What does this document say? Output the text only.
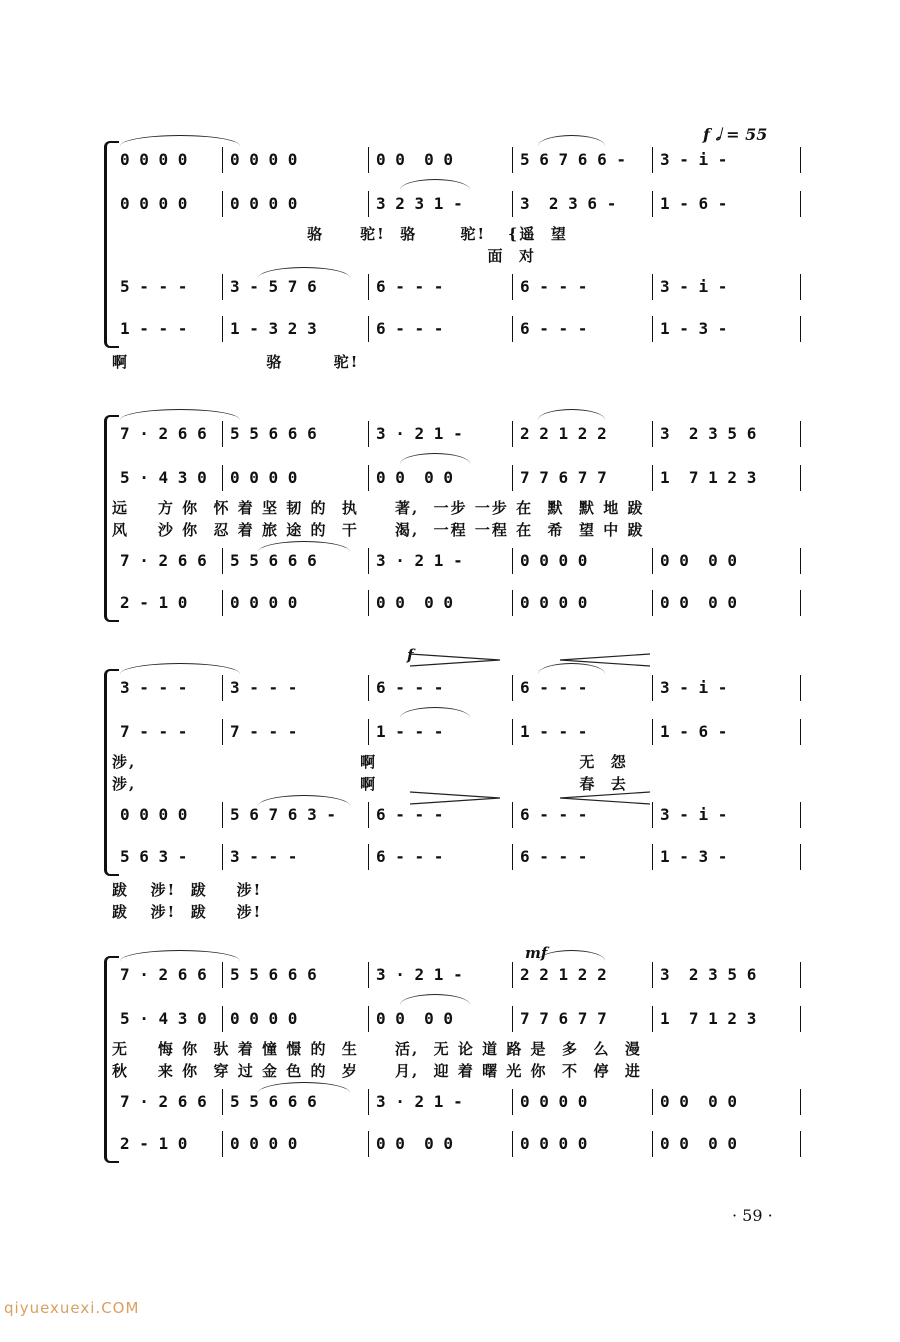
f 𝅗𝅥 = 55
0 0 0 0	0 0 0 0	0 0  0 0	5 6 7 6 6 -	3 - i -
0 0 0 0	0 0 0 0	3 2 3 1 -	3  2 3 6 -	1 - 6 -
5 - - -	3 - 5 7 6	6 - - -	6 - - -	3 - i -
1 - - -	1 - 3 2 3	6 - - -	6 - - -	1 - 3 -
骆     驼!  骆      驼!   {遥  望
面  对
啊                   骆       驼!
7 · 2 6 6	5 5 6 6 6	3 · 2 1 -	2 2 1 2 2	3  2 3 5 6
5 · 4 3 0	0 0 0 0	0 0  0 0	7 7 6 7 7	1  7 1 2 3
7 · 2 6 6	5 5 6 6 6	3 · 2 1 -	0 0 0 0	0 0  0 0
2 - 1 0	0 0 0 0	0 0  0 0	0 0 0 0	0 0  0 0
远    方 你  怀 着 坚 韧 的  执     著,  一步 一步 在  默  默 地 跋
风    沙 你  忍 着 旅 途 的  干     渴,  一程 一程 在  希  望 中 跋
3 - - -	3 - - -	6 - - -	6 - - -	3 - i -
7 - - -	7 - - -	1 - - -	1 - - -	1 - 6 -
0 0 0 0	5 6 7 6 3 -	6 - - -	6 - - -	3 - i -
5 6 3 -	3 - - -	6 - - -	6 - - -	1 - 3 -
涉,                               啊                            无  怨
涉,                               啊                            春  去
跋   涉!  跋    涉!
跋   涉!  跋    涉!
7 · 2 6 6	5 5 6 6 6	3 · 2 1 -	2 2 1 2 2	3  2 3 5 6
5 · 4 3 0	0 0 0 0	0 0  0 0	7 7 6 7 7	1  7 1 2 3
7 · 2 6 6	5 5 6 6 6	3 · 2 1 -	0 0 0 0	0 0  0 0
2 - 1 0	0 0 0 0	0 0  0 0	0 0 0 0	0 0  0 0
无    悔 你  驮 着 憧 憬 的  生     活,  无 论 道 路 是  多  么  漫
秋    来 你  穿 过 金 色 的  岁     月,  迎 着 曙 光 你  不  停  进
f
mf
· 59 ·
qiyuexuexi.COM
